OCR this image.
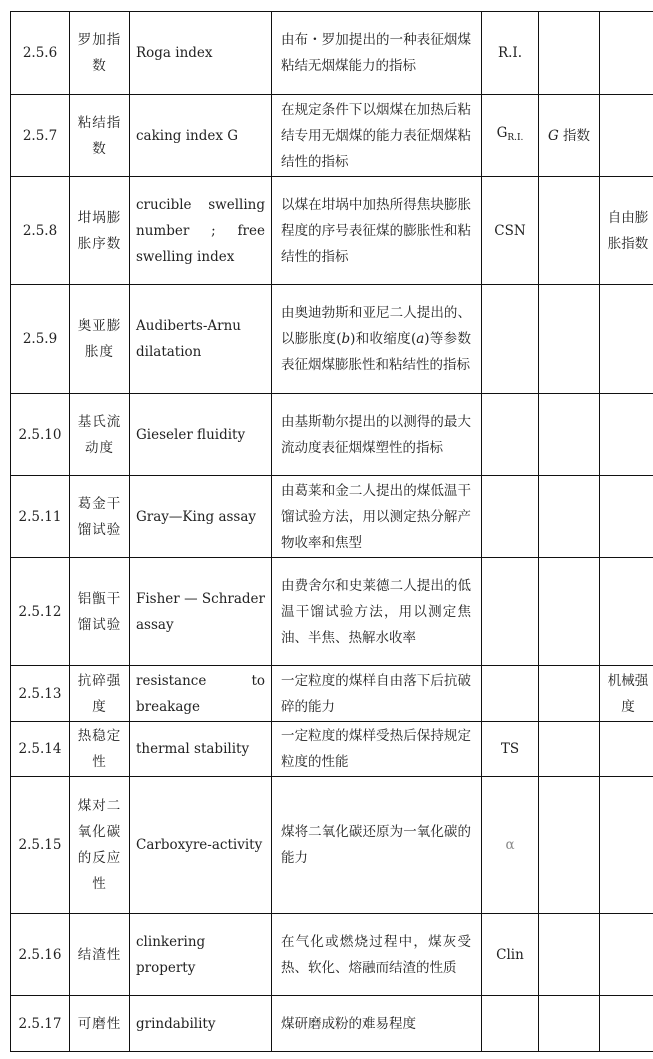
2.5.6	罗加指数	Roga index	由布・罗加提出的一种表征烟煤粘结无烟煤能力的指标	R.I.		
2.5.7	粘结指数	caking index G	在规定条件下以烟煤在加热后粘结专用无烟煤的能力表征烟煤粘结性的指标	$G_{R.I.}$	G 指数	
2.5.8	坩埚膨胀序数	crucible swelling number ; free swelling index	以煤在坩埚中加热所得焦块膨胀程度的序号表征煤的膨胀性和粘结性的指标	CSN		自由膨胀指数
2.5.9	奥亚膨胀度	Audiberts-Arnu dilatation	由奥迪勃斯和亚尼二人提出的、以膨胀度(b)和收缩度(a)等参数表征烟煤膨胀性和粘结性的指标			
2.5.10	基氏流动度	Gieseler fluidity	由基斯勒尔提出的以测得的最大流动度表征烟煤塑性的指标			
2.5.11	葛金干馏试验	Gray—King assay	由葛莱和金二人提出的煤低温干馏试验方法，用以测定热分解产物收率和焦型			
2.5.12	铝甑干馏试验	Fisher — Schrader assay	由费舍尔和史莱德二人提出的低温干馏试验方法，用以测定焦油、半焦、热解水收率			
2.5.13	抗碎强度	resistance to breakage	一定粒度的煤样自由落下后抗破碎的能力			机械强度
2.5.14	热稳定性	thermal stability	一定粒度的煤样受热后保持规定粒度的性能	TS		
2.5.15	煤对二氧化碳的反应性	Carboxyre-activity	煤将二氧化碳还原为一氧化碳的能力	α		
2.5.16	结渣性	clinkering property	在气化或燃烧过程中，煤灰受热、软化、熔融而结渣的性质	Clin		
2.5.17	可磨性	grindability	煤研磨成粉的难易程度			
